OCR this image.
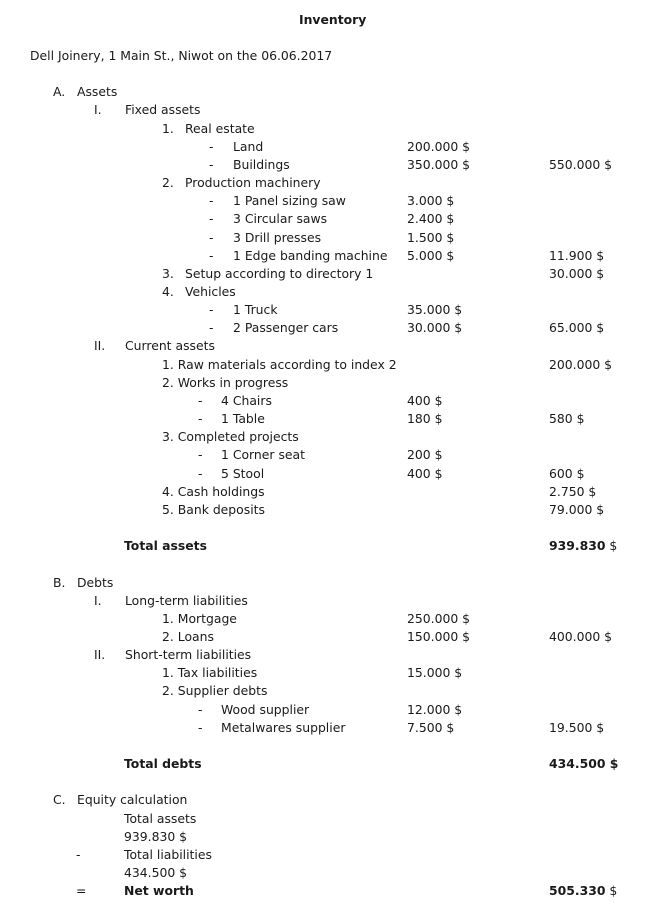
Inventory
Dell Joinery, 1 Main St., Niwot on the 06.06.2017
A. Assets
I. Fixed assets
1. Real estate
- Land	200.000 $
- Buildings	350.000 $	550.000 $
2. Production machinery
- 1 Panel sizing saw	3.000 $
- 3 Circular saws	2.400 $
- 3 Drill presses	1.500 $
- 1 Edge banding machine 5.000 $	11.900 $
3. Setup according to directory 1	30.000 $
4. Vehicles
- 1 Truck	35.000 $
- 2 Passenger cars	30.000 $	65.000 $
II. Current assets
1. Raw materials according to index 2	200.000 $
2. Works in progress
- 4 Chairs	400 $
- 1 Table	180 $	580 $
3. Completed projects
- 1 Corner seat	200 $
- 5 Stool	400 $	600 $
4. Cash holdings	2.750 $
5. Bank deposits	79.000 $
Total assets	939.830 $
B. Debts
I. Long-term liabilities
1. Mortgage	250.000 $
2. Loans	150.000 $	400.000 $
II. Short-term liabilities
1. Tax liabilities	15.000 $
2. Supplier debts
- Wood supplier	12.000 $
- Metalwares supplier	7.500 $	19.500 $
Total debts	434.500 $
C. Equity calculation
Total assets
939.830 $
-	Total liabilities
434.500 $
=	Net worth	505.330 $
